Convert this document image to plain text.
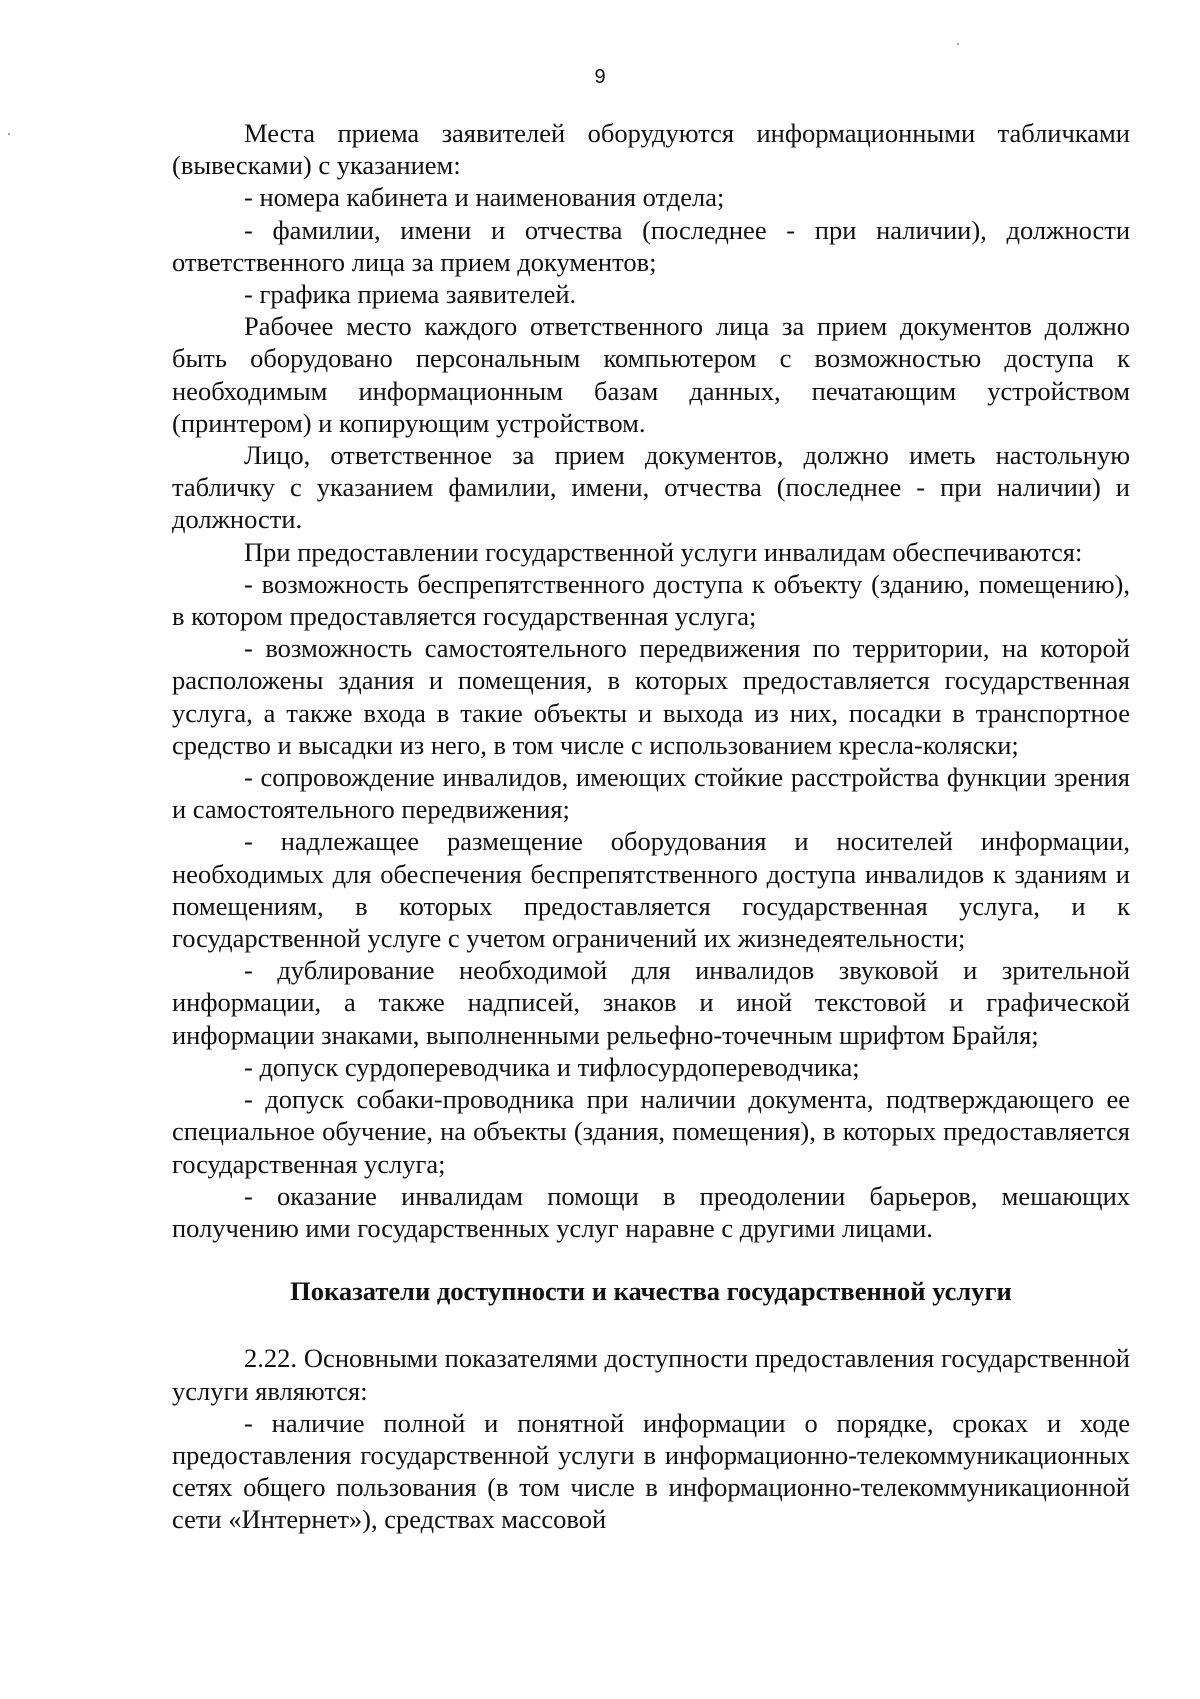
9

Места приема заявителей оборудуются информационными табличками (вывесками) с указанием:

- номера кабинета и наименования отдела;

- фамилии, имени и отчества (последнее - при наличии), должности ответственного лица за прием документов;

- графика приема заявителей.

Рабочее место каждого ответственного лица за прием документов должно быть оборудовано персональным компьютером с возможностью доступа к необходимым информационным базам данных, печатающим устройством (принтером) и копирующим устройством.

Лицо, ответственное за прием документов, должно иметь настольную табличку с указанием фамилии, имени, отчества (последнее - при наличии) и должности.

При предоставлении государственной услуги инвалидам обеспечиваются:

- возможность беспрепятственного доступа к объекту (зданию, помещению), в котором предоставляется государственная услуга;

- возможность самостоятельного передвижения по территории, на которой расположены здания и помещения, в которых предоставляется государственная услуга, а также входа в такие объекты и выхода из них, посадки в транспортное средство и высадки из него, в том числе с использованием кресла-коляски;

- сопровождение инвалидов, имеющих стойкие расстройства функции зрения и самостоятельного передвижения;

- надлежащее размещение оборудования и носителей информации, необходимых для обеспечения беспрепятственного доступа инвалидов к зданиям и помещениям, в которых предоставляется государственная услуга, и к государственной услуге с учетом ограничений их жизнедеятельности;

- дублирование необходимой для инвалидов звуковой и зрительной информации, а также надписей, знаков и иной текстовой и графической информации знаками, выполненными рельефно-точечным шрифтом Брайля;

- допуск сурдопереводчика и тифлосурдопереводчика;

- допуск собаки-проводника при наличии документа, подтверждающего ее специальное обучение, на объекты (здания, помещения), в которых предоставляется государственная услуга;

- оказание инвалидам помощи в преодолении барьеров, мешающих получению ими государственных услуг наравне с другими лицами.

Показатели доступности и качества государственной услуги

2.22. Основными показателями доступности предоставления государственной услуги являются:

- наличие полной и понятной информации о порядке, сроках и ходе предоставления государственной услуги в информационно-телекоммуникационных сетях общего пользования (в том числе в информационно-телекоммуникационной сети «Интернет»), средствах массовой
